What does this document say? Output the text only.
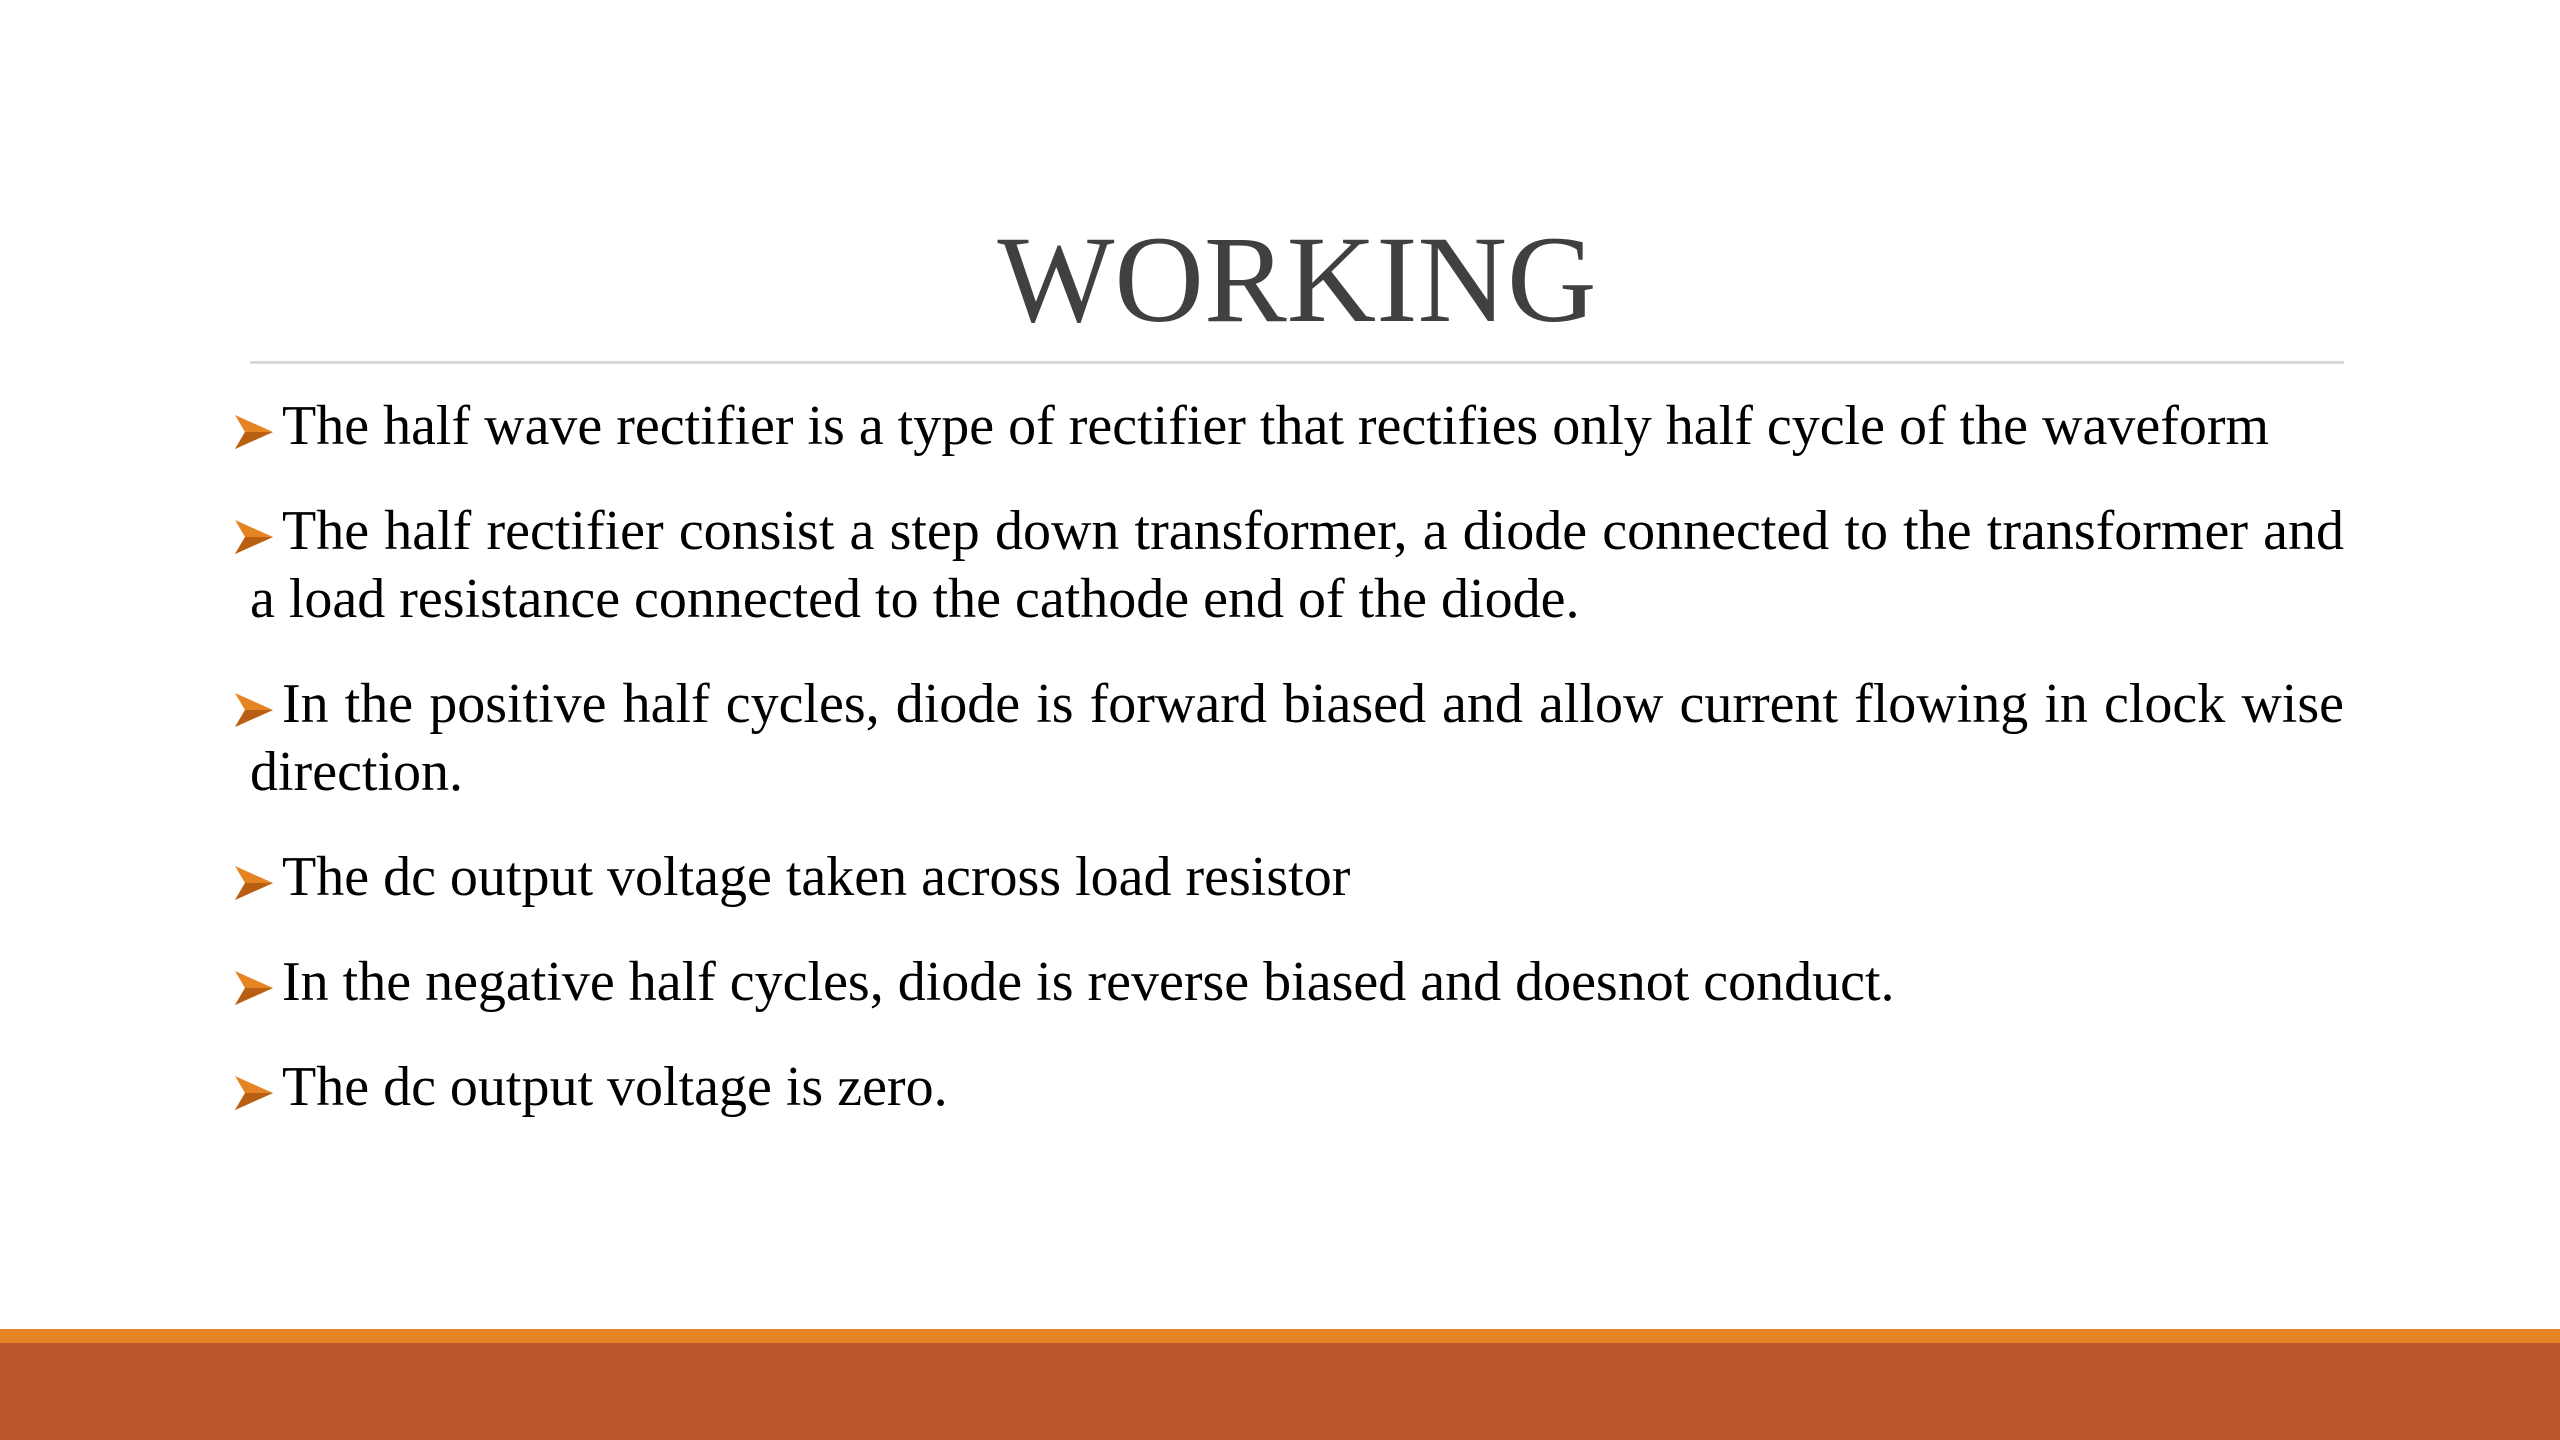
WORKING
The half wave rectifier is a type of rectifier that rectifies only half cycle of the waveform
The half rectifier consist a step down transformer, a diode connected to the transformer and a load resistance connected to the cathode end of the diode.
In the positive half cycles, diode is forward biased and allow current flowing in clock wise direction.
The dc output voltage taken across load resistor
In the negative half cycles, diode is reverse biased and doesnot conduct.
The dc output voltage is zero.
